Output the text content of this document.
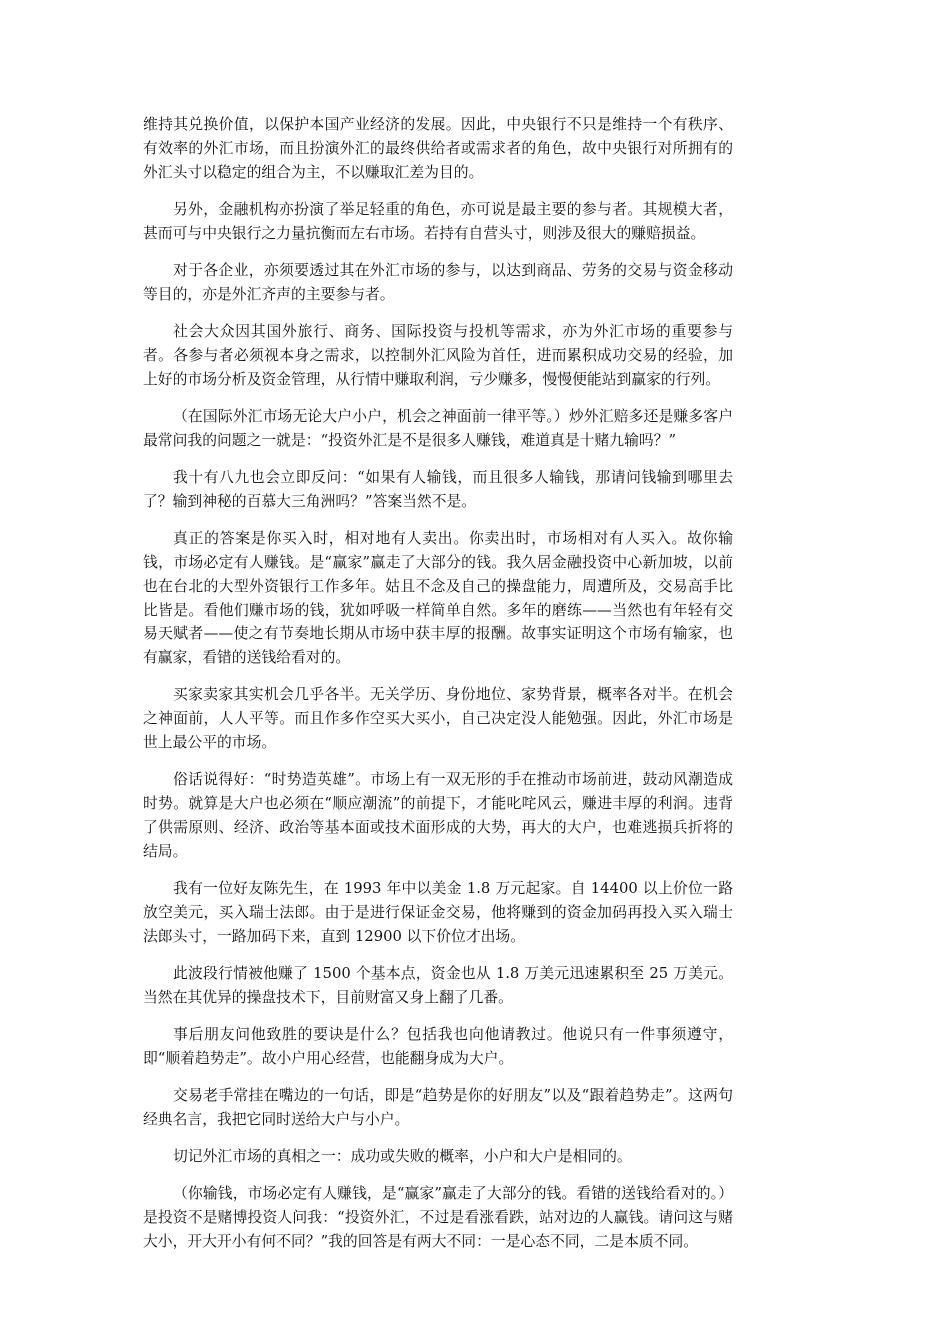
维持其兑换价值，以保护本国产业经济的发展。因此，中央银行不只是维持一个有秩序、有效率的外汇市场，而且扮演外汇的最终供给者或需求者的角色，故中央银行对所拥有的外汇头寸以稳定的组合为主，不以赚取汇差为目的。

另外，金融机构亦扮演了举足轻重的角色，亦可说是最主要的参与者。其规模大者，甚而可与中央银行之力量抗衡而左右市场。若持有自营头寸，则涉及很大的赚赔损益。

对于各企业，亦须要透过其在外汇市场的参与，以达到商品、劳务的交易与资金移动等目的，亦是外汇齐声的主要参与者。

社会大众因其国外旅行、商务、国际投资与投机等需求，亦为外汇市场的重要参与者。各参与者必须视本身之需求，以控制外汇风险为首任，进而累积成功交易的经验，加上好的市场分析及资金管理，从行情中赚取利润，亏少赚多，慢慢便能站到赢家的行列。

（在国际外汇市场无论大户小户，机会之神面前一律平等。）炒外汇赔多还是赚多客户最常问我的问题之一就是：“投资外汇是不是很多人赚钱，难道真是十赌九输吗？”

我十有八九也会立即反问：“如果有人输钱，而且很多人输钱，那请问钱输到哪里去了？输到神秘的百慕大三角洲吗？”答案当然不是。

真正的答案是你买入时，相对地有人卖出。你卖出时，市场相对有人买入。故你输钱，市场必定有人赚钱。是“赢家”赢走了大部分的钱。我久居金融投资中心新加坡，以前也在台北的大型外资银行工作多年。姑且不念及自己的操盘能力，周遭所及，交易高手比比皆是。看他们赚市场的钱，犹如呼吸一样简单自然。多年的磨练——当然也有年轻有交易天赋者——使之有节奏地长期从市场中获丰厚的报酬。故事实证明这个市场有输家，也有赢家，看错的送钱给看对的。

买家卖家其实机会几乎各半。无关学历、身份地位、家势背景，概率各对半。在机会之神面前，人人平等。而且作多作空买大买小，自己决定没人能勉强。因此，外汇市场是世上最公平的市场。

俗话说得好：“时势造英雄”。市场上有一双无形的手在推动市场前进，鼓动风潮造成时势。就算是大户也必须在“顺应潮流”的前提下，才能叱咤风云，赚进丰厚的利润。违背了供需原则、经济、政治等基本面或技术面形成的大势，再大的大户，也难逃损兵折将的结局。

我有一位好友陈先生，在 1993 年中以美金 1.8 万元起家。自 14400 以上价位一路放空美元，买入瑞士法郎。由于是进行保证金交易，他将赚到的资金加码再投入买入瑞士法郎头寸，一路加码下来，直到 12900 以下价位才出场。

此波段行情被他赚了 1500 个基本点，资金也从 1.8 万美元迅速累积至 25 万美元。当然在其优异的操盘技术下，目前财富又身上翻了几番。

事后朋友问他致胜的要诀是什么？包括我也向他请教过。他说只有一件事须遵守，即“顺着趋势走”。故小户用心经营，也能翻身成为大户。

交易老手常挂在嘴边的一句话，即是“趋势是你的好朋友”以及“跟着趋势走”。这两句经典名言，我把它同时送给大户与小户。

切记外汇市场的真相之一：成功或失败的概率，小户和大户是相同的。

（你输钱，市场必定有人赚钱，是“赢家”赢走了大部分的钱。看错的送钱给看对的。）是投资不是赌博投资人问我：“投资外汇，不过是看涨看跌，站对边的人赢钱。请问这与赌大小，开大开小有何不同？”我的回答是有两大不同：一是心态不同，二是本质不同。
